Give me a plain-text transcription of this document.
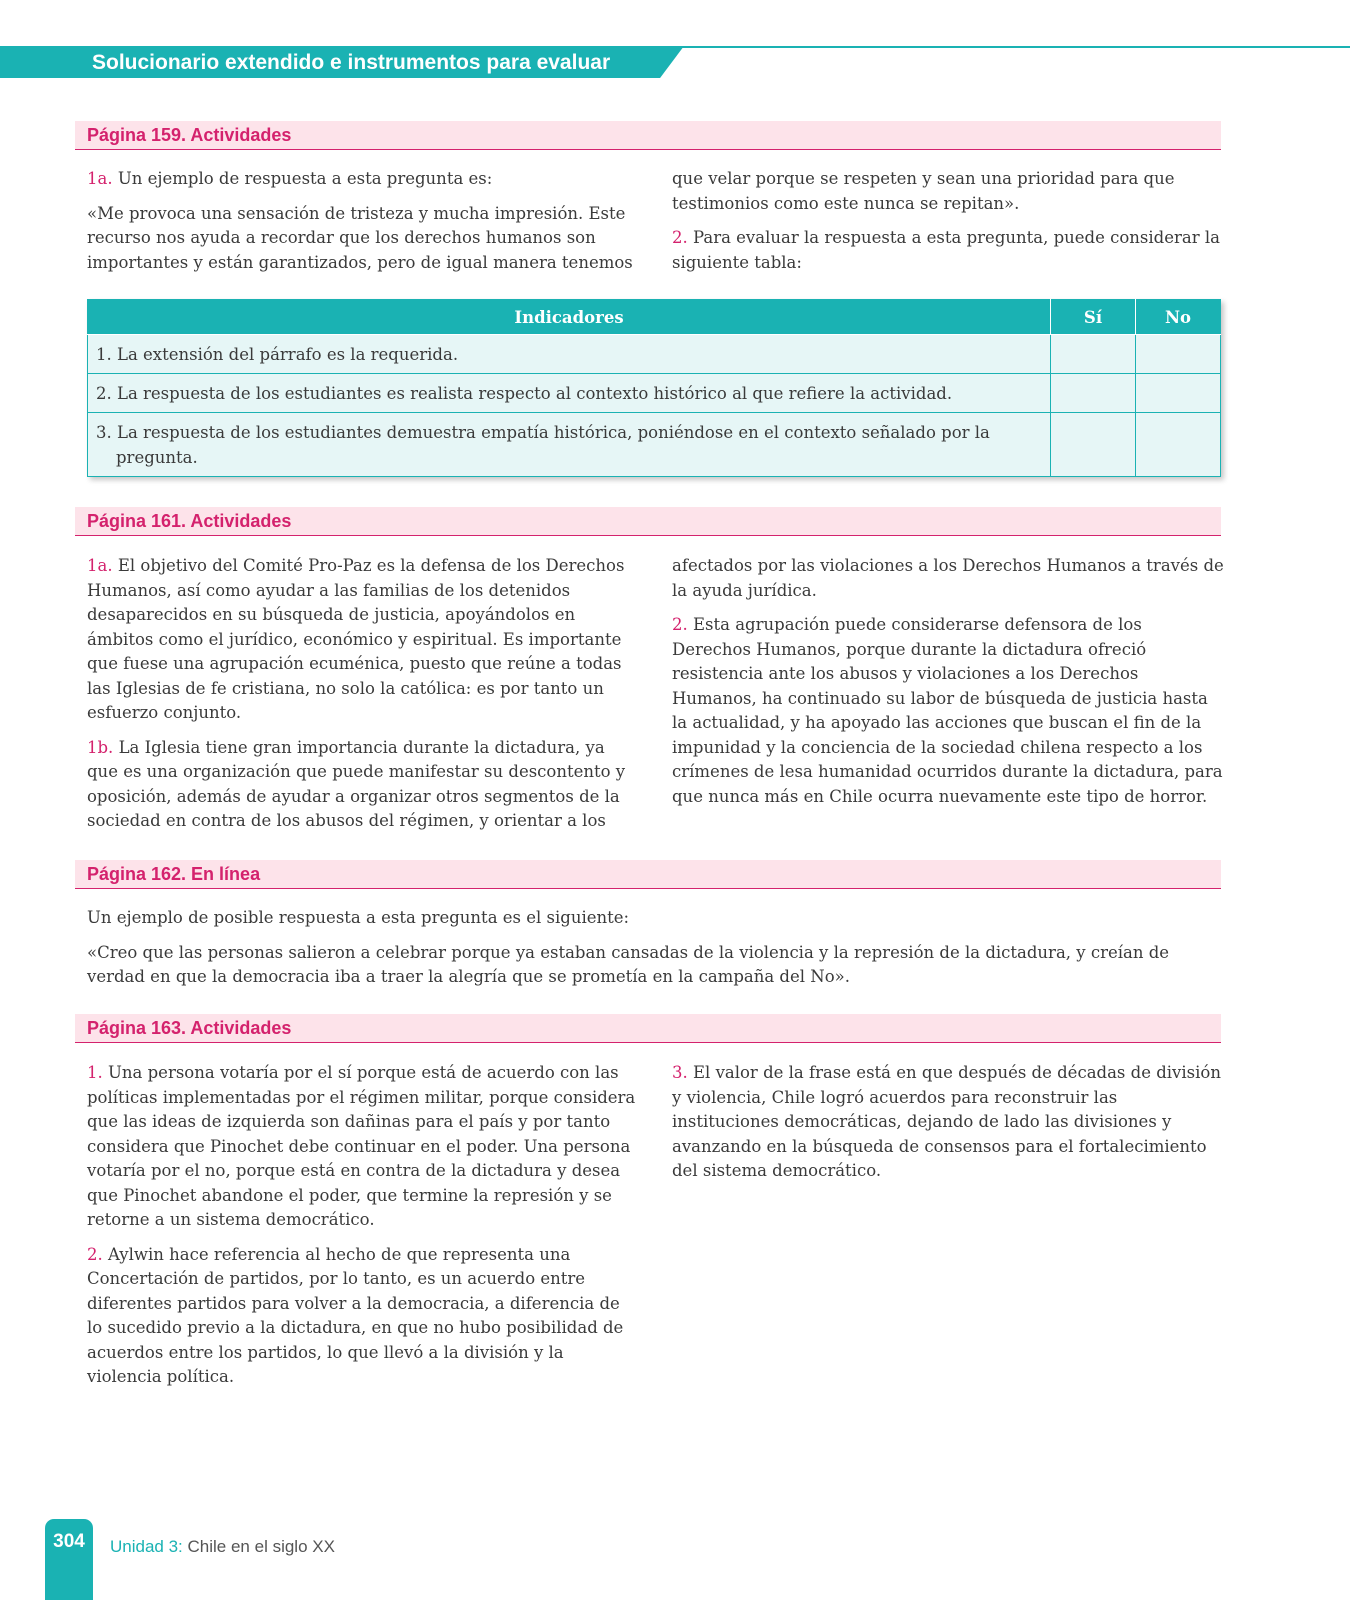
Solucionario extendido e instrumentos para evaluar
Página 159. Actividades

1a. Un ejemplo de respuesta a esta pregunta es:

«Me provoca una sensación de tristeza y mucha impresión. Este recurso nos ayuda a recordar que los derechos humanos son importantes y están garantizados, pero de igual manera tenemos

que velar porque se respeten y sean una prioridad para que testimonios como este nunca se repitan».

2. Para evaluar la respuesta a esta pregunta, puede considerar la siguiente tabla:

Indicadores	Sí	No

1. La extensión del párrafo es la requerida.		

2. La respuesta de los estudiantes es realista respecto al contexto histórico al que refiere la actividad.		

3. La respuesta de los estudiantes demuestra empatía histórica, poniéndose en el contexto señalado por la pregunta.		

Página 161. Actividades

1a. El objetivo del Comité Pro-Paz es la defensa de los Derechos Humanos, así como ayudar a las familias de los detenidos desaparecidos en su búsqueda de justicia, apoyándolos en ámbitos como el jurídico, económico y espiritual. Es importante que fuese una agrupación ecuménica, puesto que reúne a todas las Iglesias de fe cristiana, no solo la católica: es por tanto un esfuerzo conjunto.

1b. La Iglesia tiene gran importancia durante la dictadura, ya que es una organización que puede manifestar su descontento y oposición, además de ayudar a organizar otros segmentos de la sociedad en contra de los abusos del régimen, y orientar a los

afectados por las violaciones a los Derechos Humanos a través de la ayuda jurídica.

2. Esta agrupación puede considerarse defensora de los Derechos Humanos, porque durante la dictadura ofreció resistencia ante los abusos y violaciones a los Derechos Humanos, ha continuado su labor de búsqueda de justicia hasta la actualidad, y ha apoyado las acciones que buscan el fin de la impunidad y la conciencia de la sociedad chilena respecto a los crímenes de lesa humanidad ocurridos durante la dictadura, para que nunca más en Chile ocurra nuevamente este tipo de horror.

Página 162. En línea

Un ejemplo de posible respuesta a esta pregunta es el siguiente:

«Creo que las personas salieron a celebrar porque ya estaban cansadas de la violencia y la represión de la dictadura, y creían de verdad en que la democracia iba a traer la alegría que se prometía en la campaña del No».

Página 163. Actividades

1. Una persona votaría por el sí porque está de acuerdo con las políticas implementadas por el régimen militar, porque considera que las ideas de izquierda son dañinas para el país y por tanto considera que Pinochet debe continuar en el poder. Una persona votaría por el no, porque está en contra de la dictadura y desea que Pinochet abandone el poder, que termine la represión y se retorne a un sistema democrático.

2. Aylwin hace referencia al hecho de que representa una Concertación de partidos, por lo tanto, es un acuerdo entre diferentes partidos para volver a la democracia, a diferencia de lo sucedido previo a la dictadura, en que no hubo posibilidad de acuerdos entre los partidos, lo que llevó a la división y la violencia política.

3. El valor de la frase está en que después de décadas de división y violencia, Chile logró acuerdos para reconstruir las instituciones democráticas, dejando de lado las divisiones y avanzando en la búsqueda de consensos para el fortalecimiento del sistema democrático.

304	Unidad 3: Chile en el siglo XX
